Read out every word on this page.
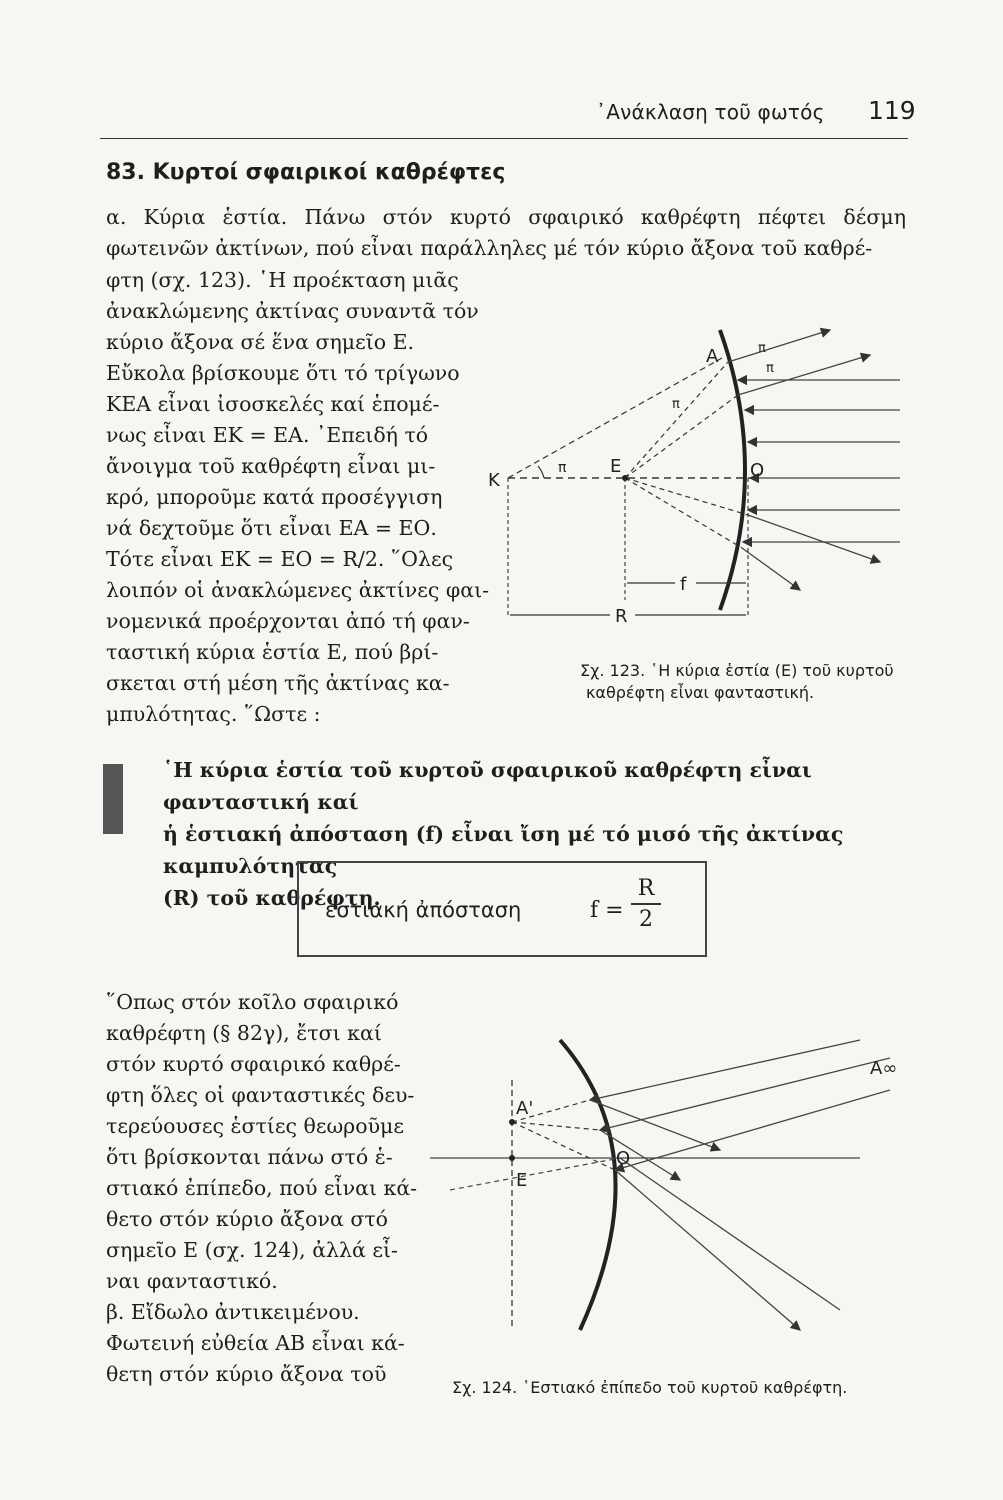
᾿Ανάκλαση τοῦ φωτός 119
83. Κυρτοί σφαιρικοί καθρέφτες
α. Κύρια ἑστία. Πάνω στόν κυρτό σφαιρικό καθρέφτη πέφτει δέσμη φωτεινῶν ἀκτίνων, πού εἶναι παράλληλες μέ τόν κύριο ἄξονα τοῦ καθρέ-
φτη (σχ. 123). ῾Η προέκταση μιᾶς
ἀνακλώμενης ἀκτίνας συναντᾶ τόν
κύριο ἄξονα σέ ἕνα σημεῖο Ε.
Εὔκολα βρίσκουμε ὅτι τό τρίγωνο
ΚΕΑ εἶναι ἰσοσκελές καί ἑπομέ-
νως εἶναι ΕΚ = ΕΑ. ᾿Επειδή τό
ἄνοιγμα τοῦ καθρέφτη εἶναι μι-
κρό, μποροῦμε κατά προσέγγιση
νά δεχτοῦμε ὅτι εἶναι ΕΑ = ΕΟ.
Τότε εἶναι ΕΚ = ΕΟ = R/2. ῞Ολες
λοιπόν οἱ ἀνακλώμενες ἀκτίνες φαι-
νομενικά προέρχονται ἀπό τή φαν-
ταστική κύρια ἑστία Ε, πού βρί-
σκεται στή μέση τῆς ἀκτίνας κα-
μπυλότητας. ῞Ωστε :
K
E	O
A
f
R
π
π
π
π
Σχ. 123. ῾Η κύρια ἑστία (Ε) τοῦ κυρτοῦ
καθρέφτη εἶναι φανταστική.
῾Η κύρια ἑστία τοῦ κυρτοῦ σφαιρικοῦ καθρέφτη εἶναι φανταστική καί
ἡ ἑστιακή ἀπόσταση (f) εἶναι ἴση μέ τό μισό τῆς ἀκτίνας καμπυλότητας
(R) τοῦ καθρέφτη.
ἑστιακή ἀπόσταση	f =
R
2
῞Οπως στόν κοῖλο σφαιρικό
καθρέφτη (§ 82γ), ἔτσι καί
στόν κυρτό σφαιρικό καθρέ-
φτη ὅλες οἱ φανταστικές δευ-
τερεύουσες ἑστίες θεωροῦμε
ὅτι βρίσκονται πάνω στό ἑ-
στιακό ἐπίπεδο, πού εἶναι κά-
θετο στόν κύριο ἄξονα στό
σημεῖο Ε (σχ. 124), ἀλλά εἶ-
ναι φανταστικό.
β. Εἴδωλο ἀντικειμένου.
Φωτεινή εὐθεία ΑΒ εἶναι κά-
θετη στόν κύριο ἄξονα τοῦ
A'
E
O
A∞
Σχ. 124. ῾Εστιακό ἐπίπεδο τοῦ κυρτοῦ καθρέφτη.
